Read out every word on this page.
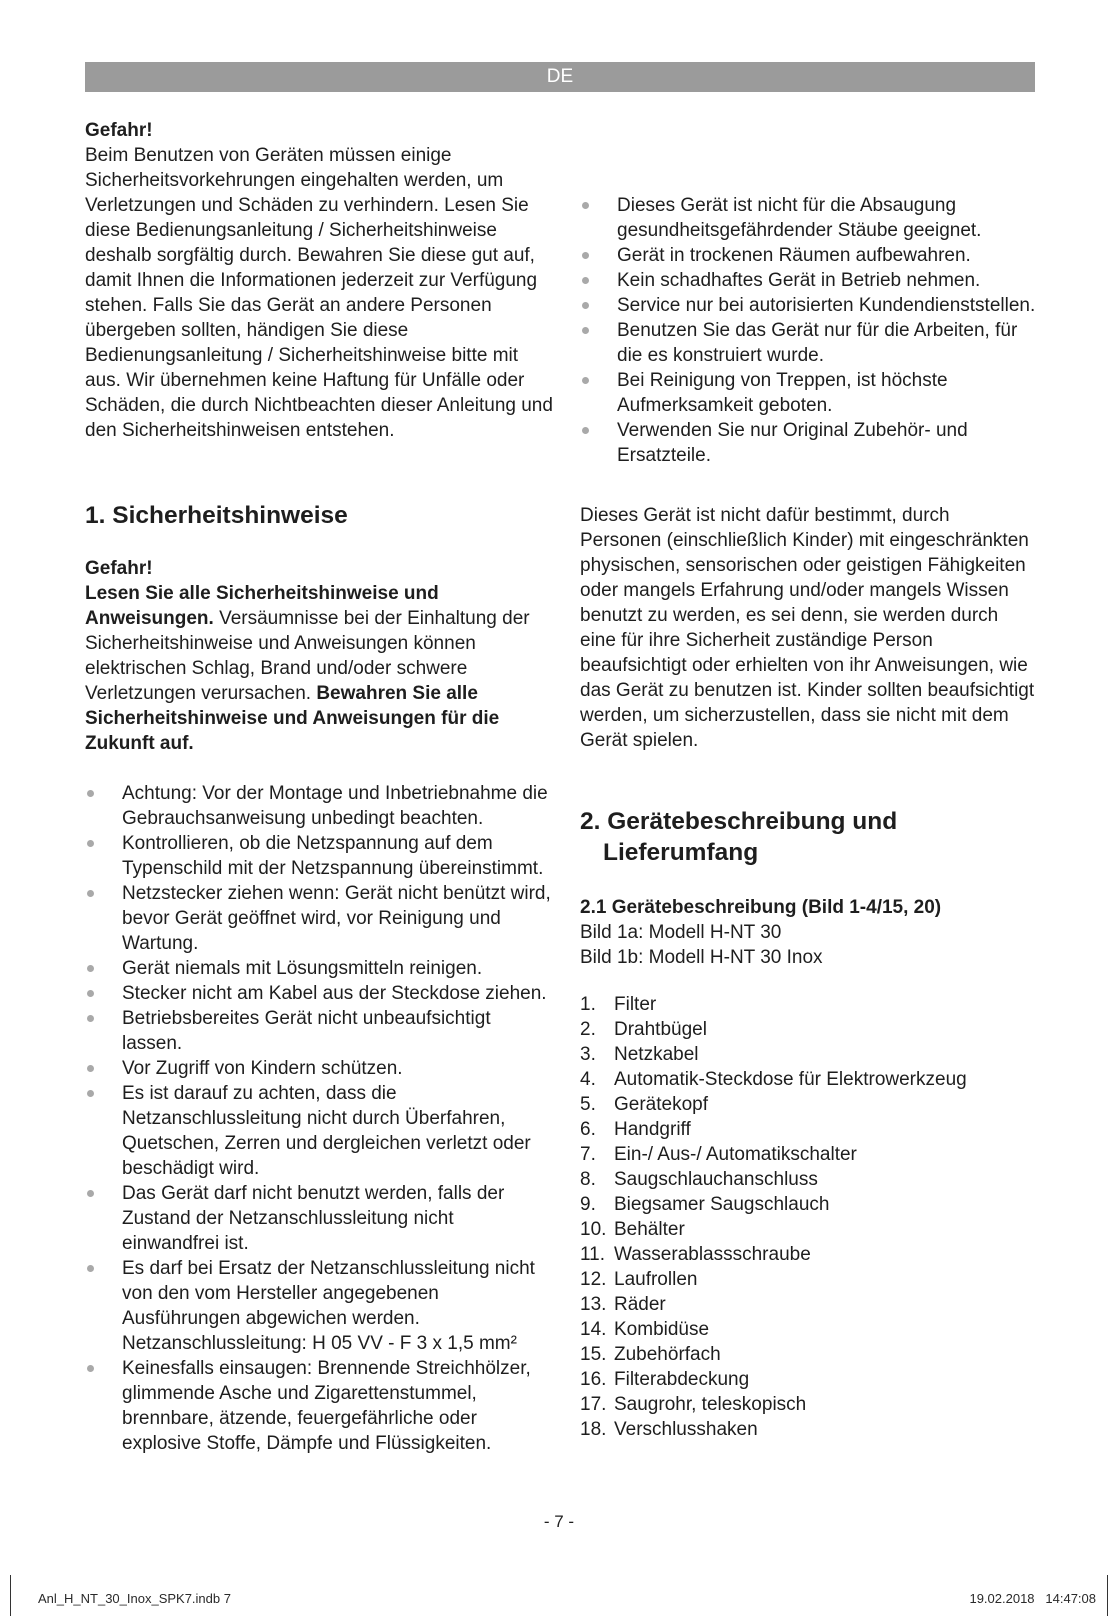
DE

Gefahr!

Beim Benutzen von Geräten müssen einige Sicherheitsvorkehrungen eingehalten werden, um Verletzungen und Schäden zu verhindern. Lesen Sie diese Bedienungsanleitung / Sicherheitshinweise deshalb sorgfältig durch. Bewahren Sie diese gut auf, damit Ihnen die Informationen jederzeit zur Verfügung stehen. Falls Sie das Gerät an andere Personen übergeben sollten, händigen Sie diese Bedienungsanleitung / Sicherheitshinweise bitte mit aus. Wir übernehmen keine Haftung für Unfälle oder Schäden, die durch Nichtbeachten dieser Anleitung und den Sicherheitshinweisen entstehen.

1. Sicherheitshinweise

Gefahr!

Lesen Sie alle Sicherheitshinweise und Anweisungen. Versäumnisse bei der Einhaltung der Sicherheitshinweise und Anweisungen können elektrischen Schlag, Brand und/oder schwere Verletzungen verursachen. Bewahren Sie alle Sicherheitshinweise und Anweisungen für die Zukunft auf.

Achtung: Vor der Montage und Inbetriebnahme die Gebrauchsanweisung unbedingt beachten.
Kontrollieren, ob die Netzspannung auf dem Typenschild mit der Netzspannung übereinstimmt.
Netzstecker ziehen wenn: Gerät nicht benützt wird, bevor Gerät geöffnet wird, vor Reinigung und Wartung.
Gerät niemals mit Lösungsmitteln reinigen.
Stecker nicht am Kabel aus der Steckdose ziehen.
Betriebsbereites Gerät nicht unbeaufsichtigt lassen.
Vor Zugriff von Kindern schützen.
Es ist darauf zu achten, dass die Netzanschlussleitung nicht durch Überfahren, Quetschen, Zerren und dergleichen verletzt oder beschädigt wird.
Das Gerät darf nicht benutzt werden, falls der Zustand der Netzanschlussleitung nicht einwandfrei ist.
Es darf bei Ersatz der Netzanschlussleitung nicht von den vom Hersteller angegebenen Ausführungen abgewichen werden. Netzanschlussleitung: H 05 VV - F 3 x 1,5 mm²
Keinesfalls einsaugen: Brennende Streichhölzer, glimmende Asche und Zigarettenstummel, brennbare, ätzende, feuergefährliche oder explosive Stoffe, Dämpfe und Flüssigkeiten.
Dieses Gerät ist nicht für die Absaugung gesundheitsgefährdender Stäube geeignet.
Gerät in trockenen Räumen aufbewahren.
Kein schadhaftes Gerät in Betrieb nehmen.
Service nur bei autorisierten Kundendienststellen.
Benutzen Sie das Gerät nur für die Arbeiten, für die es konstruiert wurde.
Bei Reinigung von Treppen, ist höchste Aufmerksamkeit geboten.
Verwenden Sie nur Original Zubehör- und Ersatzteile.

Dieses Gerät ist nicht dafür bestimmt, durch Personen (einschließlich Kinder) mit eingeschränkten physischen, sensorischen oder geistigen Fähigkeiten oder mangels Erfahrung und/oder mangels Wissen benutzt zu werden, es sei denn, sie werden durch eine für ihre Sicherheit zuständige Person beaufsichtigt oder erhielten von ihr Anweisungen, wie das Gerät zu benutzen ist. Kinder sollten beaufsichtigt werden, um sicherzustellen, dass sie nicht mit dem Gerät spielen.

2. Gerätebeschreibung und
Lieferumfang

2.1 Gerätebeschreibung (Bild 1-4/15, 20)

Bild 1a: Modell H-NT 30

Bild 1b: Modell H-NT 30 Inox

1. Filter
2. Drahtbügel
3. Netzkabel
4. Automatik-Steckdose für Elektrowerkzeug
5. Gerätekopf
6. Handgriff
7. Ein-/ Aus-/ Automatikschalter
8. Saugschlauchanschluss
9. Biegsamer Saugschlauch
10. Behälter
11. Wasserablassschraube
12. Laufrollen
13. Räder
14. Kombidüse
15. Zubehörfach
16. Filterabdeckung
17. Saugrohr, teleskopisch
18. Verschlusshaken
- 7 -
Anl_H_NT_30_Inox_SPK7.indb 7	19.02.2018 14:47:08
